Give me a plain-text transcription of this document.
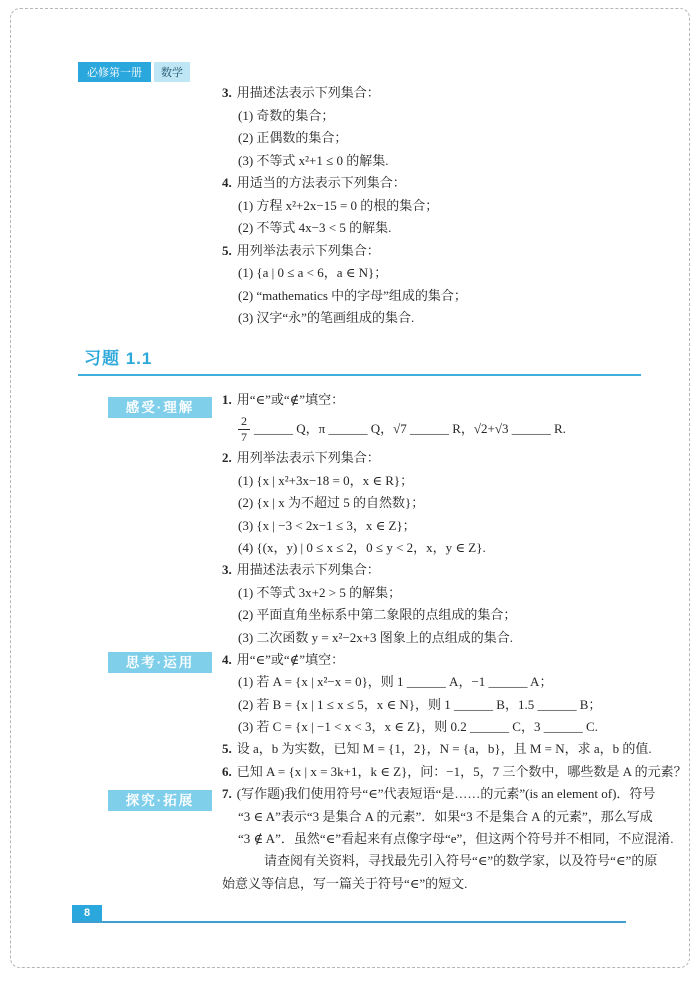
必修第一册	数学
3. 用描述法表示下列集合：
(1) 奇数的集合；
(2) 正偶数的集合；
(3) 不等式 x²+1 ≤ 0 的解集.
4. 用适当的方法表示下列集合：
(1) 方程 x²+2x−15 = 0 的根的集合；
(2) 不等式 4x−3 < 5 的解集.
5. 用列举法表示下列集合：
(1) {a | 0 ≤ a < 6，a ∈ N}；
(2) “mathematics 中的字母”组成的集合；
(3) 汉字“永”的笔画组成的集合.
习题 1.1
感受·理解
思考·运用
探究·拓展
1. 用“∈”或“∉”填空：
$\frac{2}{7}$ ______ Q，π ______ Q，√7 ______ R，√2+√3 ______ R.
2. 用列举法表示下列集合：
(1) {x | x²+3x−18 = 0，x ∈ R}；
(2) {x | x 为不超过 5 的自然数}；
(3) {x | −3 < 2x−1 ≤ 3，x ∈ Z}；
(4) {(x，y) | 0 ≤ x ≤ 2，0 ≤ y < 2，x，y ∈ Z}.
3. 用描述法表示下列集合：
(1) 不等式 3x+2 > 5 的解集；
(2) 平面直角坐标系中第二象限的点组成的集合；
(3) 二次函数 y = x²−2x+3 图象上的点组成的集合.
4. 用“∈”或“∉”填空：
(1) 若 A = {x | x²−x = 0}，则 1 ______ A，−1 ______ A；
(2) 若 B = {x | 1 ≤ x ≤ 5，x ∈ N}，则 1 ______ B，1.5 ______ B；
(3) 若 C = {x | −1 < x < 3，x ∈ Z}，则 0.2 ______ C，3 ______ C.
5. 设 a，b 为实数，已知 M = {1，2}，N = {a，b}，且 M = N，求 a，b 的值.
6. 已知 A = {x | x = 3k+1，k ∈ Z}，问：−1，5，7 三个数中，哪些数是 A 的元素？
7. (写作题)我们使用符号“∈”代表短语“是……的元素”(is an element of)．符号
“3 ∈ A”表示“3 是集合 A 的元素”．如果“3 不是集合 A 的元素”，那么写成
“3 ∉ A”．虽然“∈”看起来有点像字母“e”，但这两个符号并不相同，不应混淆.
请查阅有关资料，寻找最先引入符号“∈”的数学家，以及符号“∈”的原
始意义等信息，写一篇关于符号“∈”的短文.
8
